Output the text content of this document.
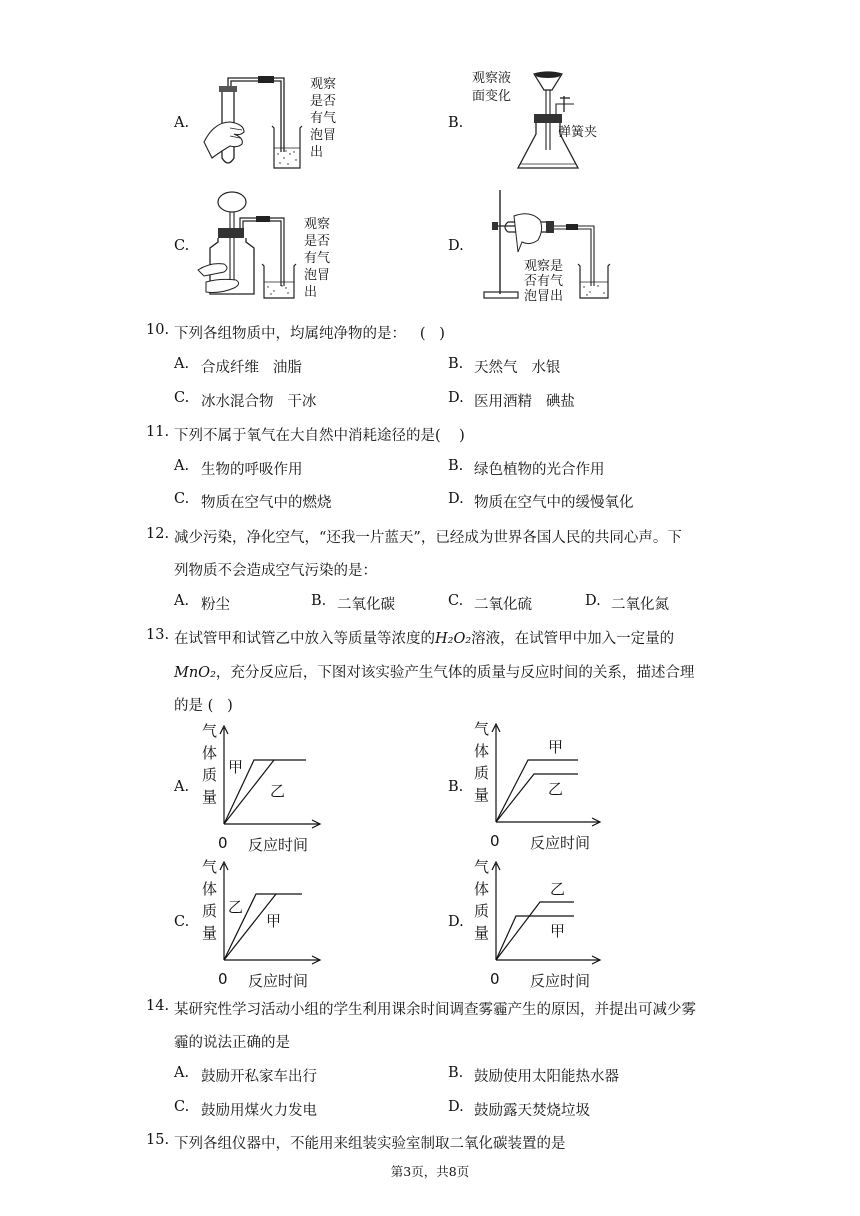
A.
观察
是否
有气
泡冒
出
B.
观察液
面变化
弹簧夹
C.
观察
是否
有气
泡冒
出
D.
观察是
否有气
泡冒出
10. 下列各组物质中，均属纯净物的是：   (   )
A. 合成纤维   油脂	B. 天然气   水银
C. 冰水混合物   干冰	D. 医用酒精   碘盐
11. 下列不属于氧气在大自然中消耗途径的是(    )
A. 生物的呼吸作用	B. 绿色植物的光合作用
C. 物质在空气中的燃烧	D. 物质在空气中的缓慢氧化
12. 减少污染，净化空气，“还我一片蓝天”，已经成为世界各国人民的共同心声。下
列物质不会造成空气污染的是：
A. 粉尘	B. 二氧化碳	C. 二氧化硫	D. 二氧化氮
13. 在试管甲和试管乙中放入等质量等浓度的H₂O₂溶液，在试管甲中加入一定量的
MnO₂，充分反应后，下图对该实验产生气体的质量与反应时间的关系，描述合理
的是 (   )
A.
气
体
质
量
甲
乙
0 反应时间
B.
气
体
质
量
甲
乙
0 反应时间
C.
气
体
质
量
乙
甲
0 反应时间
D.
气
体
质
量
乙
甲
0 反应时间
14. 某研究性学习活动小组的学生利用课余时间调查雾霾产生的原因，并提出可减少雾
霾的说法正确的是
A. 鼓励开私家车出行	B. 鼓励使用太阳能热水器
C. 鼓励用煤火力发电	D. 鼓励露天焚烧垃圾
15. 下列各组仪器中，不能用来组装实验室制取二氧化碳装置的是
第3页，共8页
